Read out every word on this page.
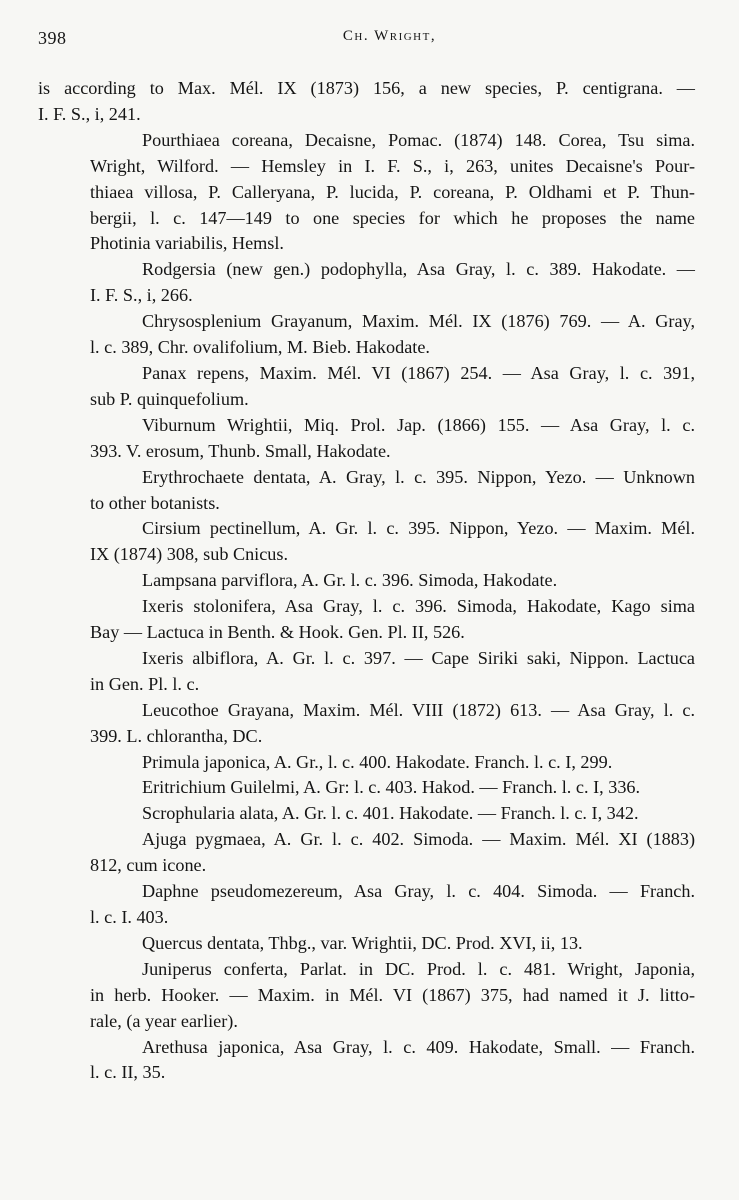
398	Ch. Wright,

is according to Max. Mél. IX (1873) 156, a new species, P. centigrana. —
I. F. S., i, 241.

Pourthiaea coreana, Decaisne, Pomac. (1874) 148. Corea, Tsu sima.
Wright, Wilford. — Hemsley in I. F. S., i, 263, unites Decaisne's Pour-
thiaea villosa, P. Calleryana, P. lucida, P. coreana, P. Oldhami et P. Thun-
bergii, l. c. 147—149 to one species for which he proposes the name
Photinia variabilis, Hemsl.

Rodgersia (new gen.) podophylla, Asa Gray, l. c. 389. Hakodate. —
I. F. S., i, 266.

Chrysosplenium Grayanum, Maxim. Mél. IX (1876) 769. — A. Gray,
l. c. 389, Chr. ovalifolium, M. Bieb. Hakodate.

Panax repens, Maxim. Mél. VI (1867) 254. — Asa Gray, l. c. 391,
sub P. quinquefolium.

Viburnum Wrightii, Miq. Prol. Jap. (1866) 155. — Asa Gray, l. c.
393. V. erosum, Thunb. Small, Hakodate.

Erythrochaete dentata, A. Gray, l. c. 395. Nippon, Yezo. — Unknown
to other botanists.

Cirsium pectinellum, A. Gr. l. c. 395. Nippon, Yezo. — Maxim. Mél.
IX (1874) 308, sub Cnicus.

Lampsana parviflora, A. Gr. l. c. 396. Simoda, Hakodate.

Ixeris stolonifera, Asa Gray, l. c. 396. Simoda, Hakodate, Kago sima
Bay — Lactuca in Benth. & Hook. Gen. Pl. II, 526.

Ixeris albiflora, A. Gr. l. c. 397. — Cape Siriki saki, Nippon. Lactuca
in Gen. Pl. l. c.

Leucothoe Grayana, Maxim. Mél. VIII (1872) 613. — Asa Gray, l. c.
399. L. chlorantha, DC.

Primula japonica, A. Gr., l. c. 400. Hakodate. Franch. l. c. I, 299.

Eritrichium Guilelmi, A. Gr: l. c. 403. Hakod. — Franch. l. c. I, 336.

Scrophularia alata, A. Gr. l. c. 401. Hakodate. — Franch. l. c. I, 342.

Ajuga pygmaea, A. Gr. l. c. 402. Simoda. — Maxim. Mél. XI (1883)
812, cum icone.

Daphne pseudomezereum, Asa Gray, l. c. 404. Simoda. — Franch.
l. c. I. 403.

Quercus dentata, Thbg., var. Wrightii, DC. Prod. XVI, ii, 13.

Juniperus conferta, Parlat. in DC. Prod. l. c. 481. Wright, Japonia,
in herb. Hooker. — Maxim. in Mél. VI (1867) 375, had named it J. litto-
rale, (a year earlier).

Arethusa japonica, Asa Gray, l. c. 409. Hakodate, Small. — Franch.
l. c. II, 35.
